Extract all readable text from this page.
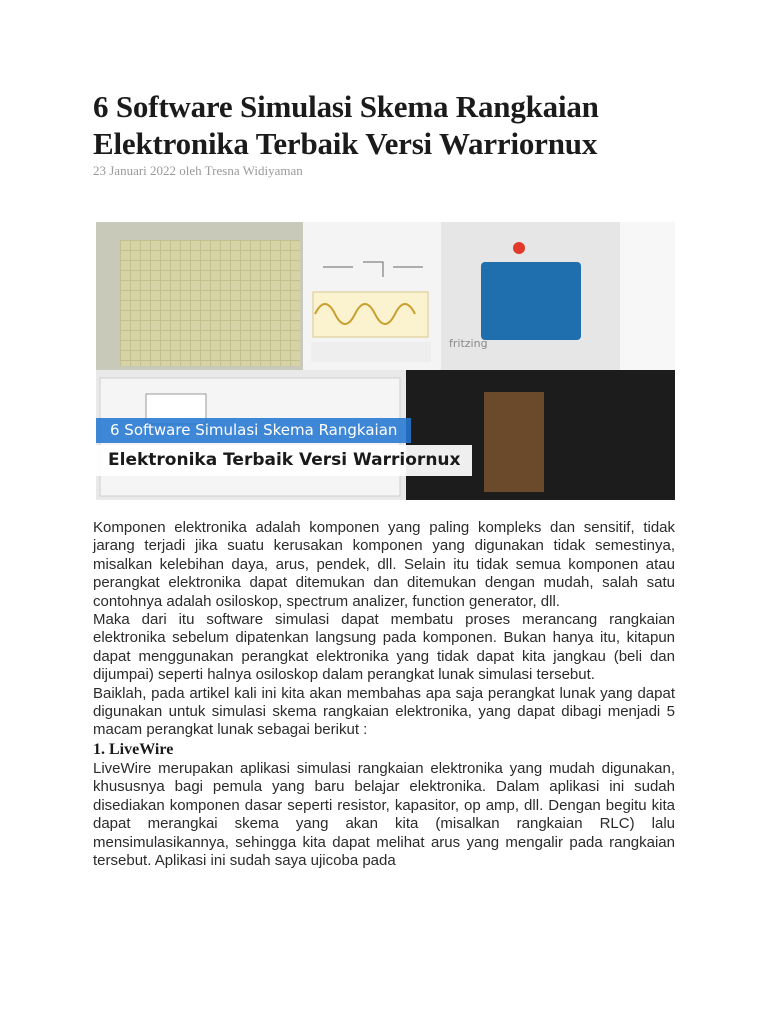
6 Software Simulasi Skema Rangkaian Elektronika Terbaik Versi Warriornux
23 Januari 2022 oleh Tresna Widiyaman
fritzing
6 Software Simulasi Skema Rangkaian
Elektronika Terbaik Versi Warriornux

Komponen elektronika adalah komponen yang paling kompleks dan sensitif, tidak jarang terjadi jika suatu kerusakan komponen yang digunakan tidak semestinya, misalkan kelebihan daya, arus, pendek, dll. Selain itu tidak semua komponen atau perangkat elektronika dapat ditemukan dan ditemukan dengan mudah, salah satu contohnya adalah osiloskop, spectrum analizer, function generator, dll.

Maka dari itu software simulasi dapat membatu proses merancang rangkaian elektronika sebelum dipatenkan langsung pada komponen. Bukan hanya itu, kitapun dapat menggunakan perangkat elektronika yang tidak dapat kita jangkau (beli dan dijumpai) seperti halnya osiloskop dalam perangkat lunak simulasi tersebut.

Baiklah, pada artikel kali ini kita akan membahas apa saja perangkat lunak yang dapat digunakan untuk simulasi skema rangkaian elektronika, yang dapat dibagi menjadi 5 macam perangkat lunak sebagai berikut :

1. LiveWire

LiveWire merupakan aplikasi simulasi rangkaian elektronika yang mudah digunakan, khususnya bagi pemula yang baru belajar elektronika. Dalam aplikasi ini sudah disediakan komponen dasar seperti resistor, kapasitor, op amp, dll. Dengan begitu kita dapat merangkai skema yang akan kita (misalkan rangkaian RLC) lalu mensimulasikannya, sehingga kita dapat melihat arus yang mengalir pada rangkaian tersebut. Aplikasi ini sudah saya ujicoba pada
